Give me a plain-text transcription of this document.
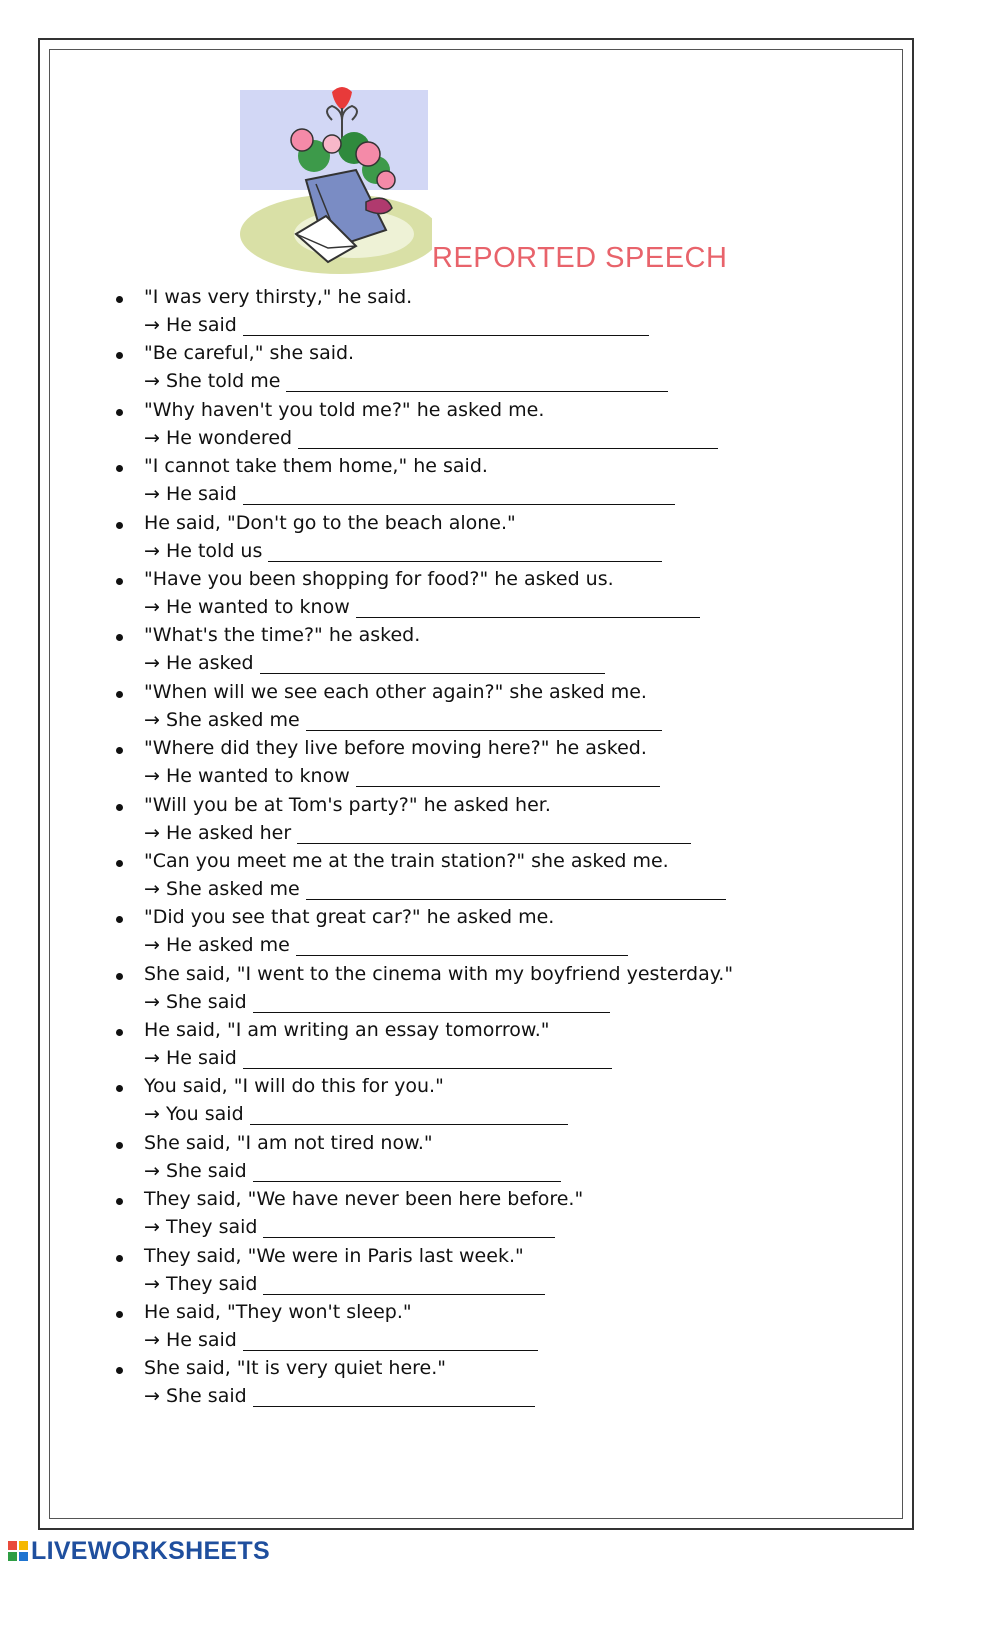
REPORTED SPEECH
"I was very thirsty," he said.
→ He said
"Be careful," she said.
→ She told me
"Why haven't you told me?" he asked me.
→ He wondered
"I cannot take them home," he said.
→ He said
He said, "Don't go to the beach alone."
→ He told us
"Have you been shopping for food?" he asked us.
→ He wanted to know
"What's the time?" he asked.
→ He asked
"When will we see each other again?" she asked me.
→ She asked me
"Where did they live before moving here?" he asked.
→ He wanted to know
"Will you be at Tom's party?" he asked her.
→ He asked her
"Can you meet me at the train station?" she asked me.
→ She asked me
"Did you see that great car?" he asked me.
→ He asked me
She said, "I went to the cinema with my boyfriend yesterday."
→ She said
He said, "I am writing an essay tomorrow."
→ He said
You said, "I will do this for you."
→ You said
She said, "I am not tired now."
→ She said
They said, "We have never been here before."
→ They said
They said, "We were in Paris last week."
→ They said
He said, "They won't sleep."
→ He said
She said, "It is very quiet here."
→ She said
LIVEWORKSHEETS
